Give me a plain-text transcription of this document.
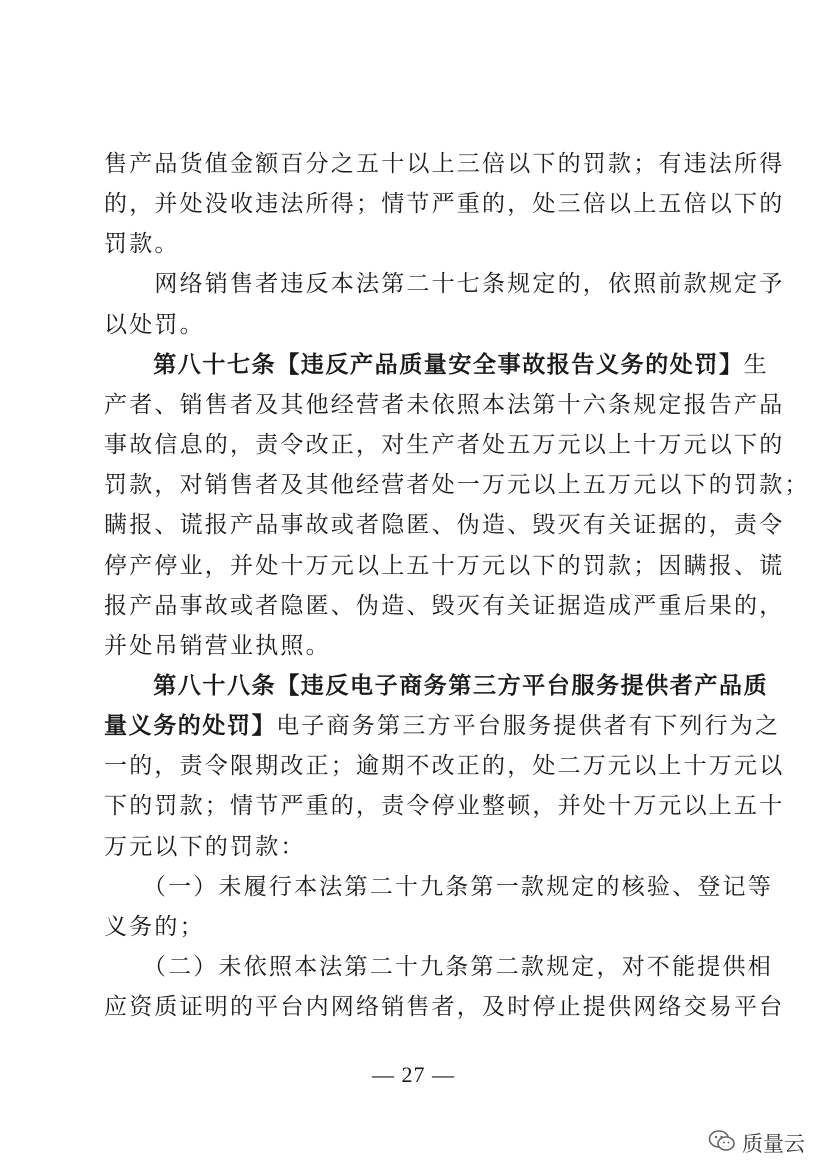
售产品货值金额百分之五十以上三倍以下的罚款；有违法所得
的，并处没收违法所得；情节严重的，处三倍以上五倍以下的
罚款。
　　网络销售者违反本法第二十七条规定的，依照前款规定予
以处罚。
　　第八十七条【违反产品质量安全事故报告义务的处罚】生
产者、销售者及其他经营者未依照本法第十六条规定报告产品
事故信息的，责令改正，对生产者处五万元以上十万元以下的
罚款，对销售者及其他经营者处一万元以上五万元以下的罚款；
瞒报、谎报产品事故或者隐匿、伪造、毁灭有关证据的，责令
停产停业，并处十万元以上五十万元以下的罚款；因瞒报、谎
报产品事故或者隐匿、伪造、毁灭有关证据造成严重后果的，
并处吊销营业执照。
　　第八十八条【违反电子商务第三方平台服务提供者产品质
量义务的处罚】电子商务第三方平台服务提供者有下列行为之
一的，责令限期改正；逾期不改正的，处二万元以上十万元以
下的罚款；情节严重的，责令停业整顿，并处十万元以上五十
万元以下的罚款：
　　（一）未履行本法第二十九条第一款规定的核验、登记等
义务的；
　　（二）未依照本法第二十九条第二款规定，对不能提供相
应资质证明的平台内网络销售者，及时停止提供网络交易平台
— 27 —
质量云
